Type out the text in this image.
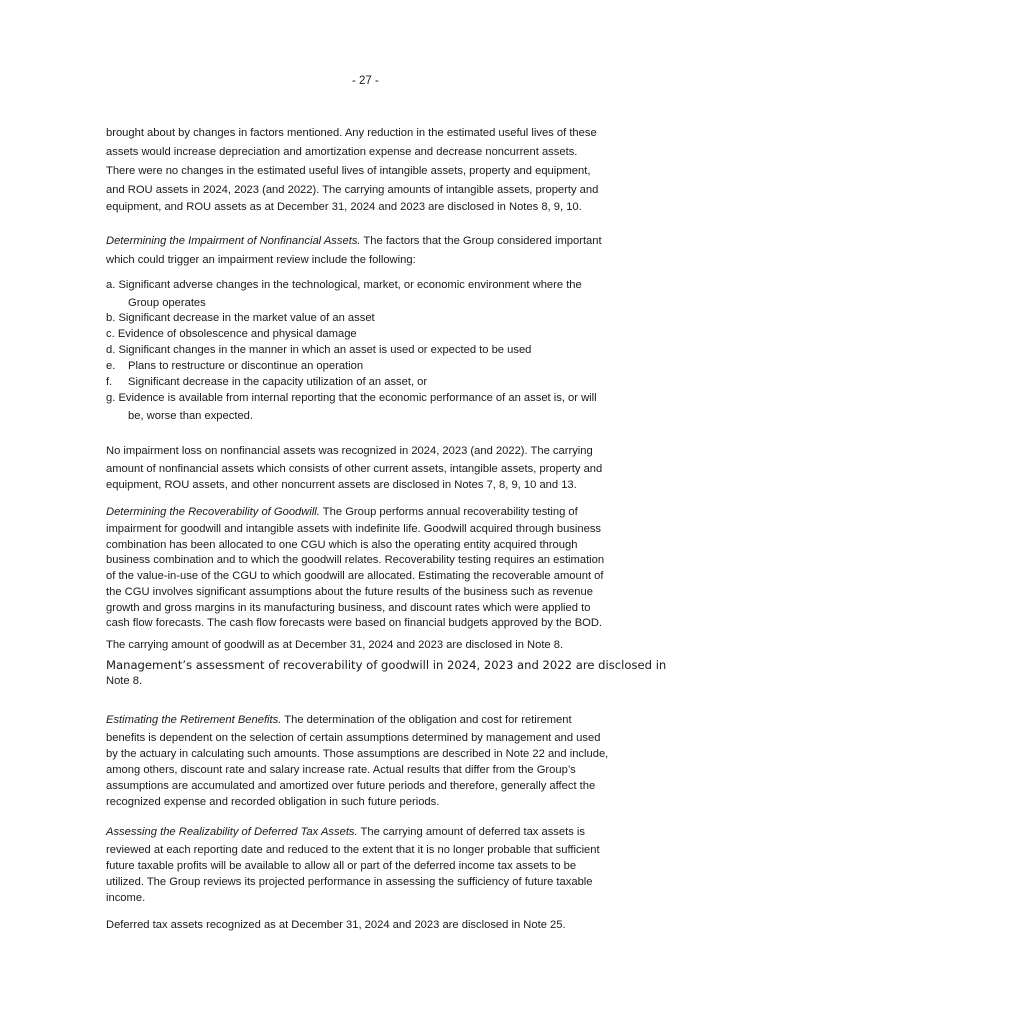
- 27 -
brought about by changes in factors mentioned. Any reduction in the estimated useful lives of these
assets would increase depreciation and amortization expense and decrease noncurrent assets.
There were no changes in the estimated useful lives of intangible assets, property and equipment,
and ROU assets in 2024, 2023 (and 2022). The carrying amounts of intangible assets, property and
equipment, and ROU assets as at December 31, 2024 and 2023 are disclosed in Notes 8, 9, 10.
Determining the Impairment of Nonfinancial Assets. The factors that the Group considered important
which could trigger an impairment review include the following:
a. Significant adverse changes in the technological, market, or economic environment where the
Group operates
b. Significant decrease in the market value of an asset
c. Evidence of obsolescence and physical damage
d. Significant changes in the manner in which an asset is used or expected to be used
e. Plans to restructure or discontinue an operation
f. Significant decrease in the capacity utilization of an asset, or
g. Evidence is available from internal reporting that the economic performance of an asset is, or will
be, worse than expected.
No impairment loss on nonfinancial assets was recognized in 2024, 2023 (and 2022). The carrying
amount of nonfinancial assets which consists of other current assets, intangible assets, property and
equipment, ROU assets, and other noncurrent assets are disclosed in Notes 7, 8, 9, 10 and 13.
Determining the Recoverability of Goodwill. The Group performs annual recoverability testing of
impairment for goodwill and intangible assets with indefinite life. Goodwill acquired through business
combination has been allocated to one CGU which is also the operating entity acquired through
business combination and to which the goodwill relates. Recoverability testing requires an estimation
of the value-in-use of the CGU to which goodwill are allocated. Estimating the recoverable amount of
the CGU involves significant assumptions about the future results of the business such as revenue
growth and gross margins in its manufacturing business, and discount rates which were applied to
cash flow forecasts. The cash flow forecasts were based on financial budgets approved by the BOD.
The carrying amount of goodwill as at December 31, 2024 and 2023 are disclosed in Note 8.
Management’s assessment of recoverability of goodwill in 2024, 2023 and 2022 are disclosed in
Note 8.
Estimating the Retirement Benefits. The determination of the obligation and cost for retirement
benefits is dependent on the selection of certain assumptions determined by management and used
by the actuary in calculating such amounts. Those assumptions are described in Note 22 and include,
among others, discount rate and salary increase rate. Actual results that differ from the Group’s
assumptions are accumulated and amortized over future periods and therefore, generally affect the
recognized expense and recorded obligation in such future periods.
Assessing the Realizability of Deferred Tax Assets. The carrying amount of deferred tax assets is
reviewed at each reporting date and reduced to the extent that it is no longer probable that sufficient
future taxable profits will be available to allow all or part of the deferred income tax assets to be
utilized. The Group reviews its projected performance in assessing the sufficiency of future taxable
income.
Deferred tax assets recognized as at December 31, 2024 and 2023 are disclosed in Note 25.
